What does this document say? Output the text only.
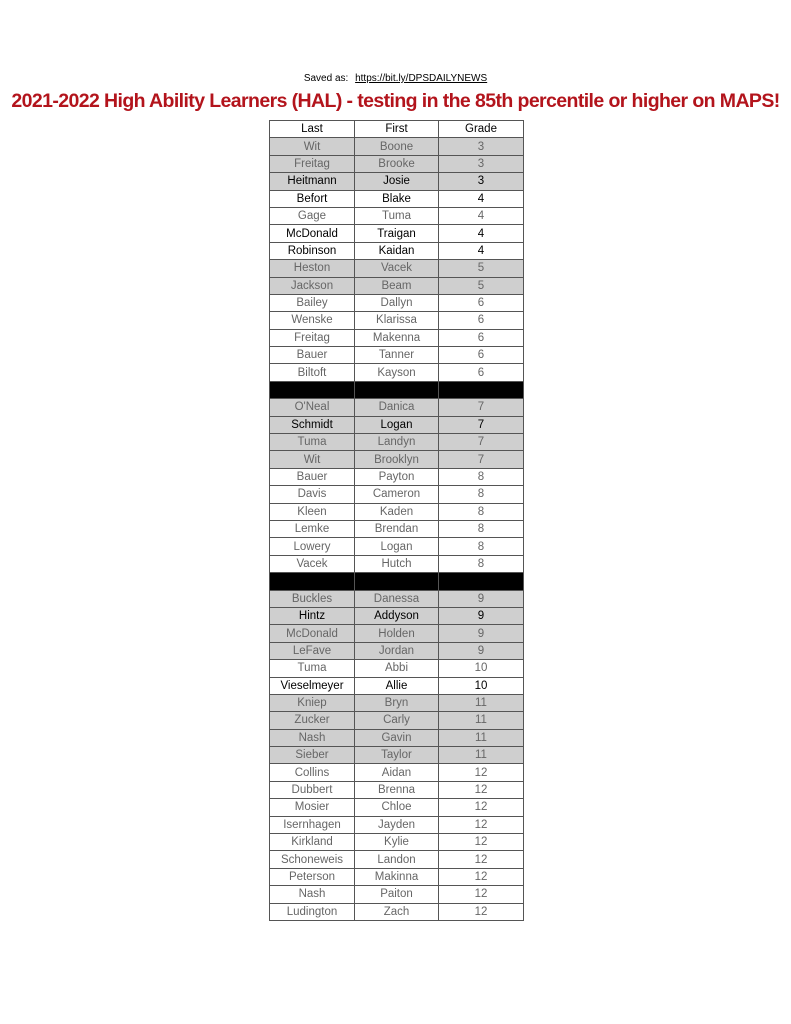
Saved as: https://bit.ly/DPSDAILYNEWS
2021-2022 High Ability Learners (HAL) - testing in the 85th percentile or higher on MAPS!
Last	First	Grade
Wit	Boone	3
Freitag	Brooke	3
Heitmann	Josie	3
Befort	Blake	4
Gage	Tuma	4
McDonald	Traigan	4
Robinson	Kaidan	4
Heston	Vacek	5
Jackson	Beam	5
Bailey	Dallyn	6
Wenske	Klarissa	6
Freitag	Makenna	6
Bauer	Tanner	6
Biltoft	Kayson	6

O'Neal	Danica	7
Schmidt	Logan	7
Tuma	Landyn	7
Wit	Brooklyn	7
Bauer	Payton	8
Davis	Cameron	8
Kleen	Kaden	8
Lemke	Brendan	8
Lowery	Logan	8
Vacek	Hutch	8

Buckles	Danessa	9
Hintz	Addyson	9
McDonald	Holden	9
LeFave	Jordan	9
Tuma	Abbi	10
Vieselmeyer	Allie	10
Kniep	Bryn	11
Zucker	Carly	11
Nash	Gavin	11
Sieber	Taylor	11
Collins	Aidan	12
Dubbert	Brenna	12
Mosier	Chloe	12
Isernhagen	Jayden	12
Kirkland	Kylie	12
Schoneweis	Landon	12
Peterson	Makinna	12
Nash	Paiton	12
Ludington	Zach	12
